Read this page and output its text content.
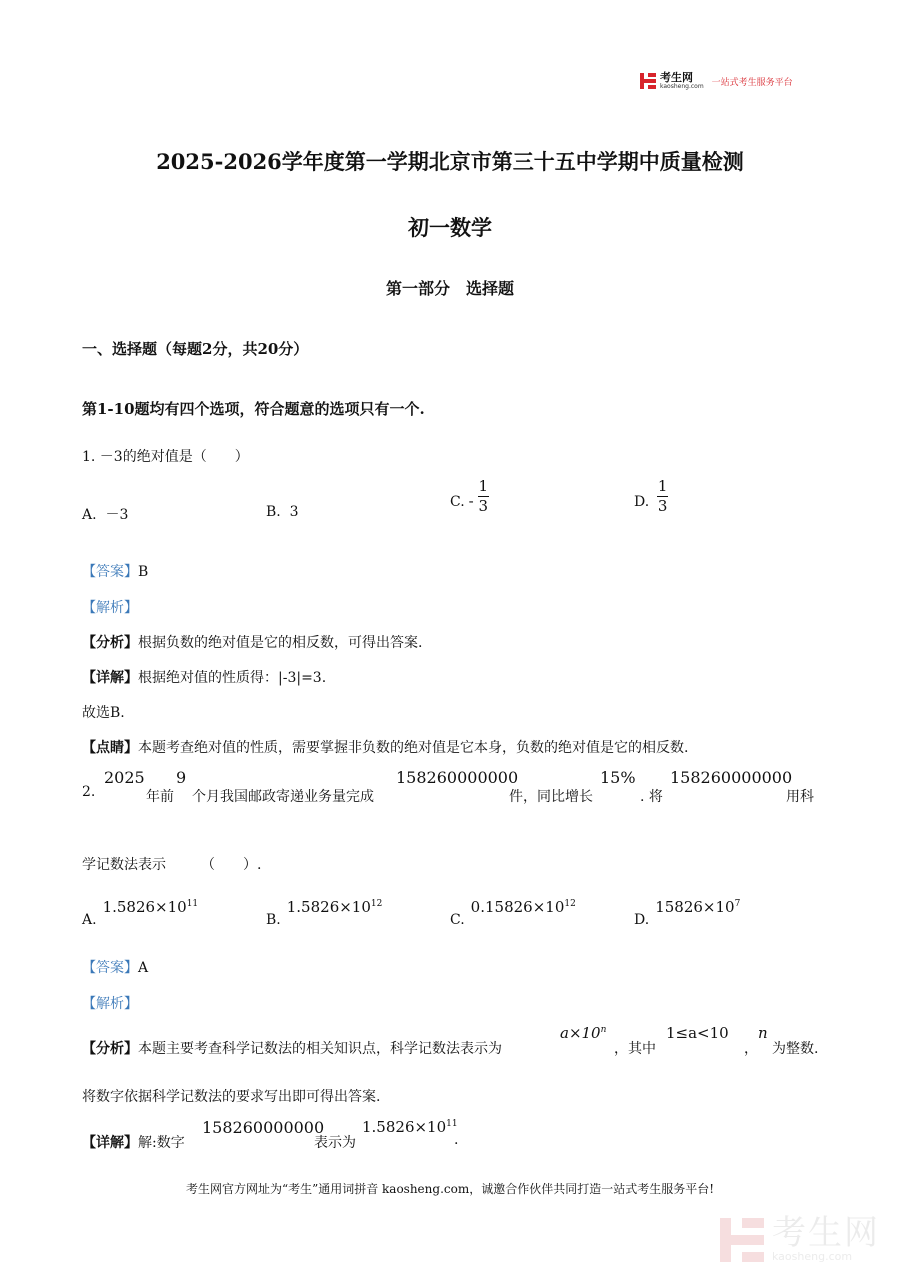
考生网
kaosheng.com 一站式考生服务平台
2025-2026学年度第一学期北京市第三十五中学期中质量检测
初一数学
第一部分　选择题
一、选择题（每题2分，共20分）
第1-10题均有四个选项，符合题意的选项只有一个.
1. －3的绝对值是（　　）
A. －3	B. 3
C. - $\frac{1}{3}$	D. $\frac{1}{3}$
【答案】B
【解析】
【分析】根据负数的绝对值是它的相反数，可得出答案.
【详解】根据绝对值的性质得：|-3|=3.
故选B.
【点睛】本题考查绝对值的性质，需要掌握非负数的绝对值是它本身，负数的绝对值是它的相反数.
2.
2025
年前
9
个月我国邮政寄递业务量完成
158260000000
件，同比增长
15%
. 将
158260000000
用科
学记数法表示　　　（　　）.
A.
$1.5826\times 10^{11}$
B.
$1.5826\times 10^{12}$
C.
$0.15826\times 10^{12}$
D.
$15826\times 10^7$
【答案】A
【解析】
【分析】本题主要考查科学记数法的相关知识点，科学记数法表示为
$a\times 10^n$
，其中
1≤a<10
，
n
为整数.
将数字依据科学记数法的要求写出即可得出答案.
【详解】解:数字
158260000000
表示为
$1.5826\times 10^{11}$
.
考生网官方网址为“考生”通用词拼音 kaosheng.com，诚邀合作伙伴共同打造一站式考生服务平台!
考生网
kaosheng.com
